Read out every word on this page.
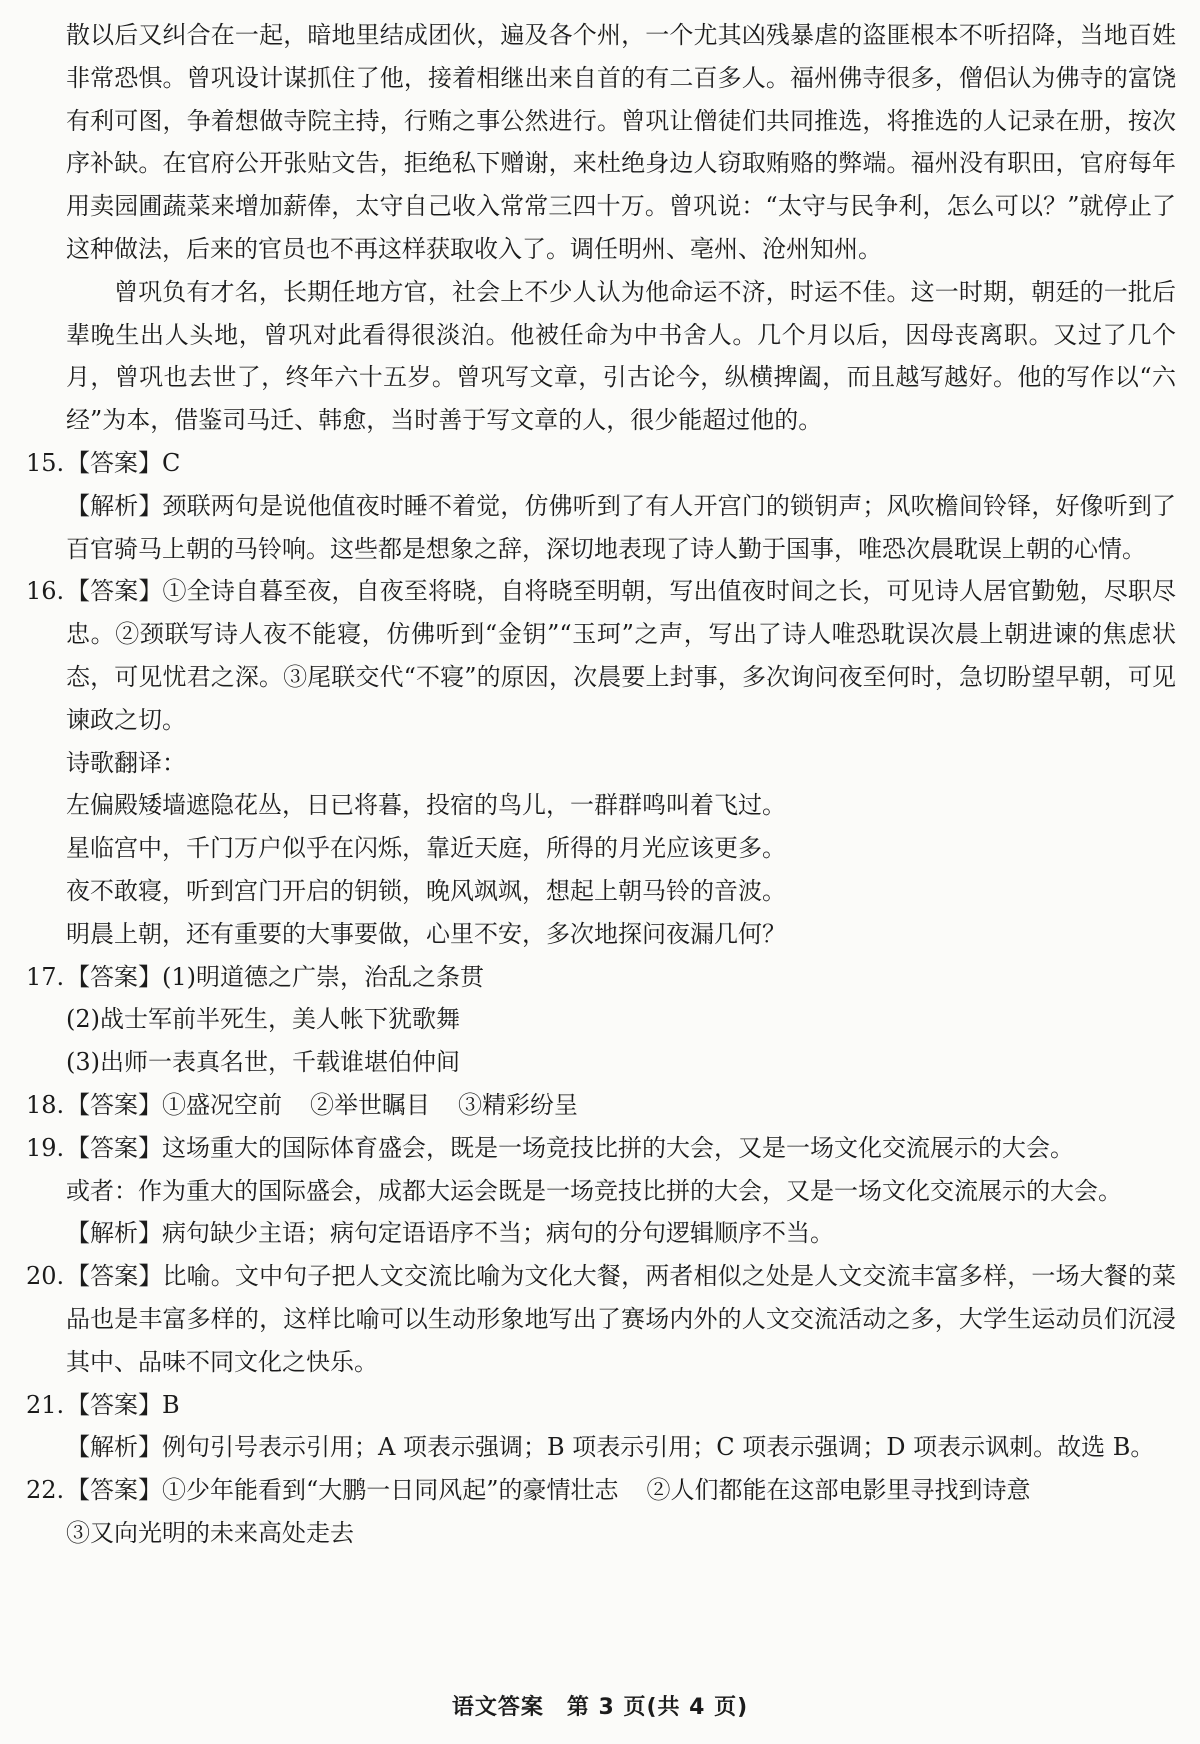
散以后又纠合在一起，暗地里结成团伙，遍及各个州，一个尤其凶残暴虐的盗匪根本不听招降，当地百姓非常恐惧。曾巩设计谋抓住了他，接着相继出来自首的有二百多人。福州佛寺很多，僧侣认为佛寺的富饶有利可图，争着想做寺院主持，行贿之事公然进行。曾巩让僧徒们共同推选，将推选的人记录在册，按次序补缺。在官府公开张贴文告，拒绝私下赠谢，来杜绝身边人窃取贿赂的弊端。福州没有职田，官府每年用卖园圃蔬菜来增加薪俸，太守自己收入常常三四十万。曾巩说：“太守与民争利，怎么可以？”就停止了这种做法，后来的官员也不再这样获取收入了。调任明州、亳州、沧州知州。

曾巩负有才名，长期任地方官，社会上不少人认为他命运不济，时运不佳。这一时期，朝廷的一批后辈晚生出人头地，曾巩对此看得很淡泊。他被任命为中书舍人。几个月以后，因母丧离职。又过了几个月，曾巩也去世了，终年六十五岁。曾巩写文章，引古论今，纵横捭阖，而且越写越好。他的写作以“六经”为本，借鉴司马迁、韩愈，当时善于写文章的人，很少能超过他的。

15. 【答案】C

【解析】颈联两句是说他值夜时睡不着觉，仿佛听到了有人开宫门的锁钥声；风吹檐间铃铎，好像听到了百官骑马上朝的马铃响。这些都是想象之辞，深切地表现了诗人勤于国事，唯恐次晨耽误上朝的心情。

16. 【答案】①全诗自暮至夜，自夜至将晓，自将晓至明朝，写出值夜时间之长，可见诗人居官勤勉，尽职尽忠。②颈联写诗人夜不能寝，仿佛听到“金钥”“玉珂”之声，写出了诗人唯恐耽误次晨上朝进谏的焦虑状态，可见忧君之深。③尾联交代“不寝”的原因，次晨要上封事，多次询问夜至何时，急切盼望早朝，可见谏政之切。

诗歌翻译：

左偏殿矮墙遮隐花丛，日已将暮，投宿的鸟儿，一群群鸣叫着飞过。

星临宫中，千门万户似乎在闪烁，靠近天庭，所得的月光应该更多。

夜不敢寝，听到宫门开启的钥锁，晚风飒飒，想起上朝马铃的音波。

明晨上朝，还有重要的大事要做，心里不安，多次地探问夜漏几何？

17. 【答案】(1)明道德之广崇，治乱之条贯

(2)战士军前半死生，美人帐下犹歌舞

(3)出师一表真名世，千载谁堪伯仲间

18. 【答案】①盛况空前 ②举世瞩目 ③精彩纷呈
19. 【答案】这场重大的国际体育盛会，既是一场竞技比拼的大会，又是一场文化交流展示的大会。

或者：作为重大的国际盛会，成都大运会既是一场竞技比拼的大会，又是一场文化交流展示的大会。

【解析】病句缺少主语；病句定语语序不当；病句的分句逻辑顺序不当。

20. 【答案】比喻。文中句子把人文交流比喻为文化大餐，两者相似之处是人文交流丰富多样，一场大餐的菜品也是丰富多样的，这样比喻可以生动形象地写出了赛场内外的人文交流活动之多，大学生运动员们沉浸其中、品味不同文化之快乐。
21. 【答案】B

【解析】例句引号表示引用；A 项表示强调；B 项表示引用；C 项表示强调；D 项表示讽刺。故选 B。

22. 【答案】①少年能看到“大鹏一日同风起”的豪情壮志 ②人们都能在这部电影里寻找到诗意

③又向光明的未来高处走去

语文答案　第 3 页(共 4 页)
